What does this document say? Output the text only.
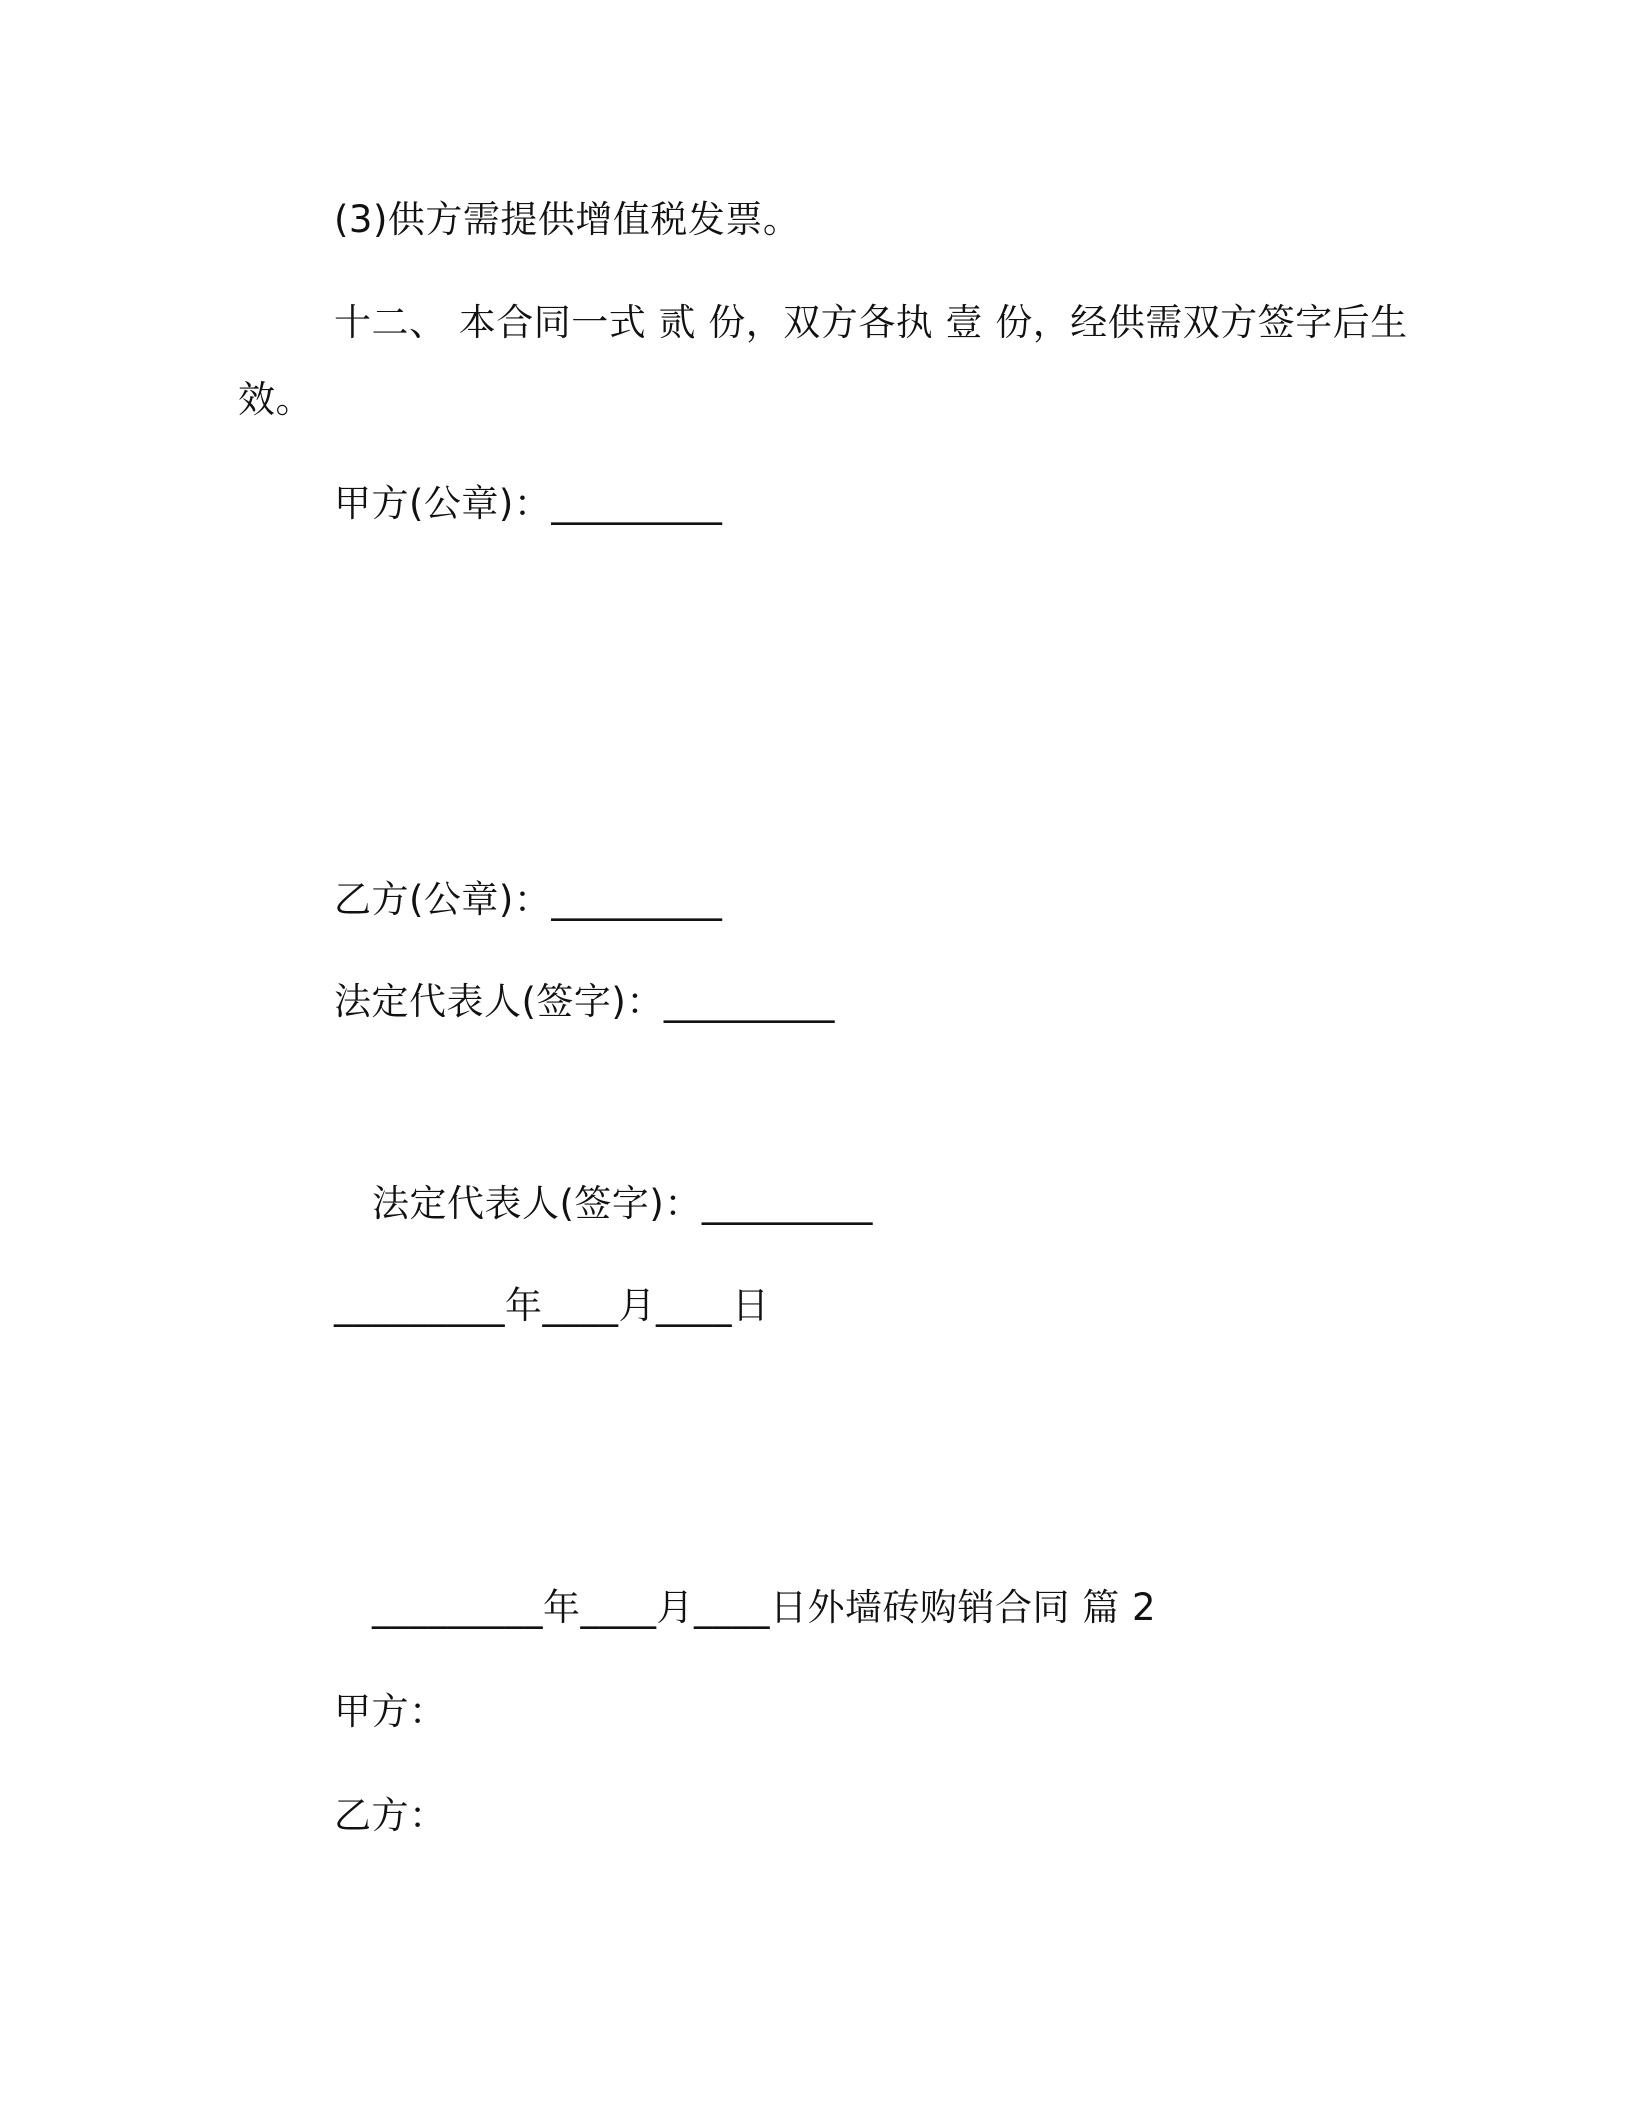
(3)供方需提供增值税发票。
十二、 本合同一式 贰 份，双方各执 壹 份，经供需双方签字后生
效。
甲方(公章)：_________
乙方(公章)：_________
法定代表人(签字)：_________
法定代表人(签字)：_________
_________年____月____日
_________年____月____日外墙砖购销合同 篇 2
甲方：
乙方：
